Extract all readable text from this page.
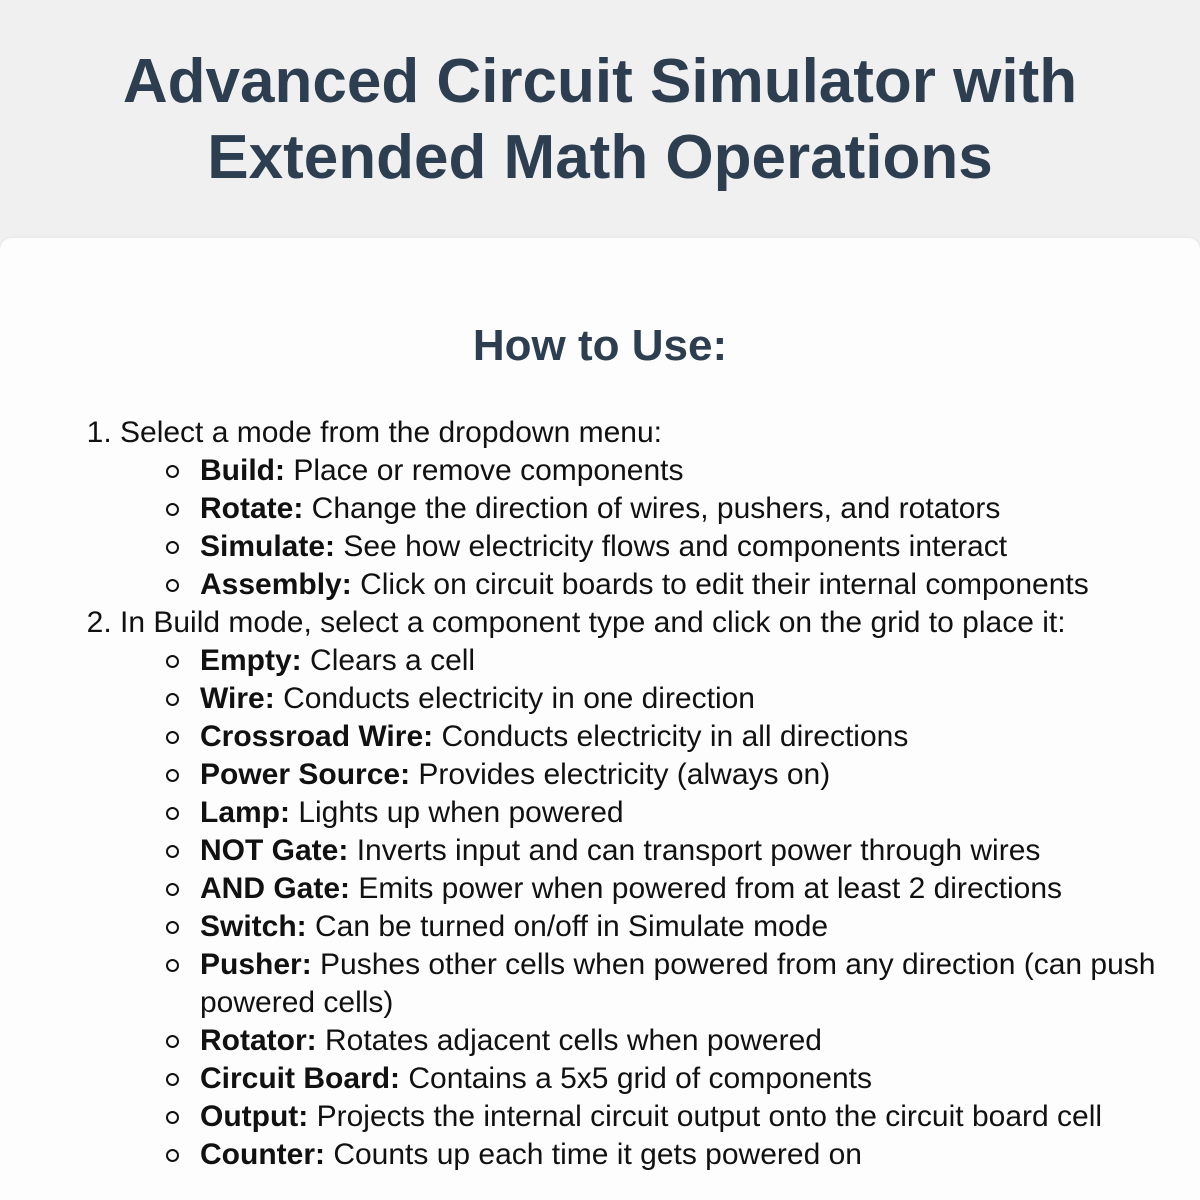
Advanced Circuit Simulator with
Extended Math Operations
How to Use:
1. Select a mode from the dropdown menu:
Build: Place or remove components
Rotate: Change the direction of wires, pushers, and rotators
Simulate: See how electricity flows and components interact
Assembly: Click on circuit boards to edit their internal components
2. In Build mode, select a component type and click on the grid to place it:
Empty: Clears a cell
Wire: Conducts electricity in one direction
Crossroad Wire: Conducts electricity in all directions
Power Source: Provides electricity (always on)
Lamp: Lights up when powered
NOT Gate: Inverts input and can transport power through wires
AND Gate: Emits power when powered from at least 2 directions
Switch: Can be turned on/off in Simulate mode
Pusher: Pushes other cells when powered from any direction (can push powered cells)
Rotator: Rotates adjacent cells when powered
Circuit Board: Contains a 5x5 grid of components
Output: Projects the internal circuit output onto the circuit board cell
Counter: Counts up each time it gets powered on
